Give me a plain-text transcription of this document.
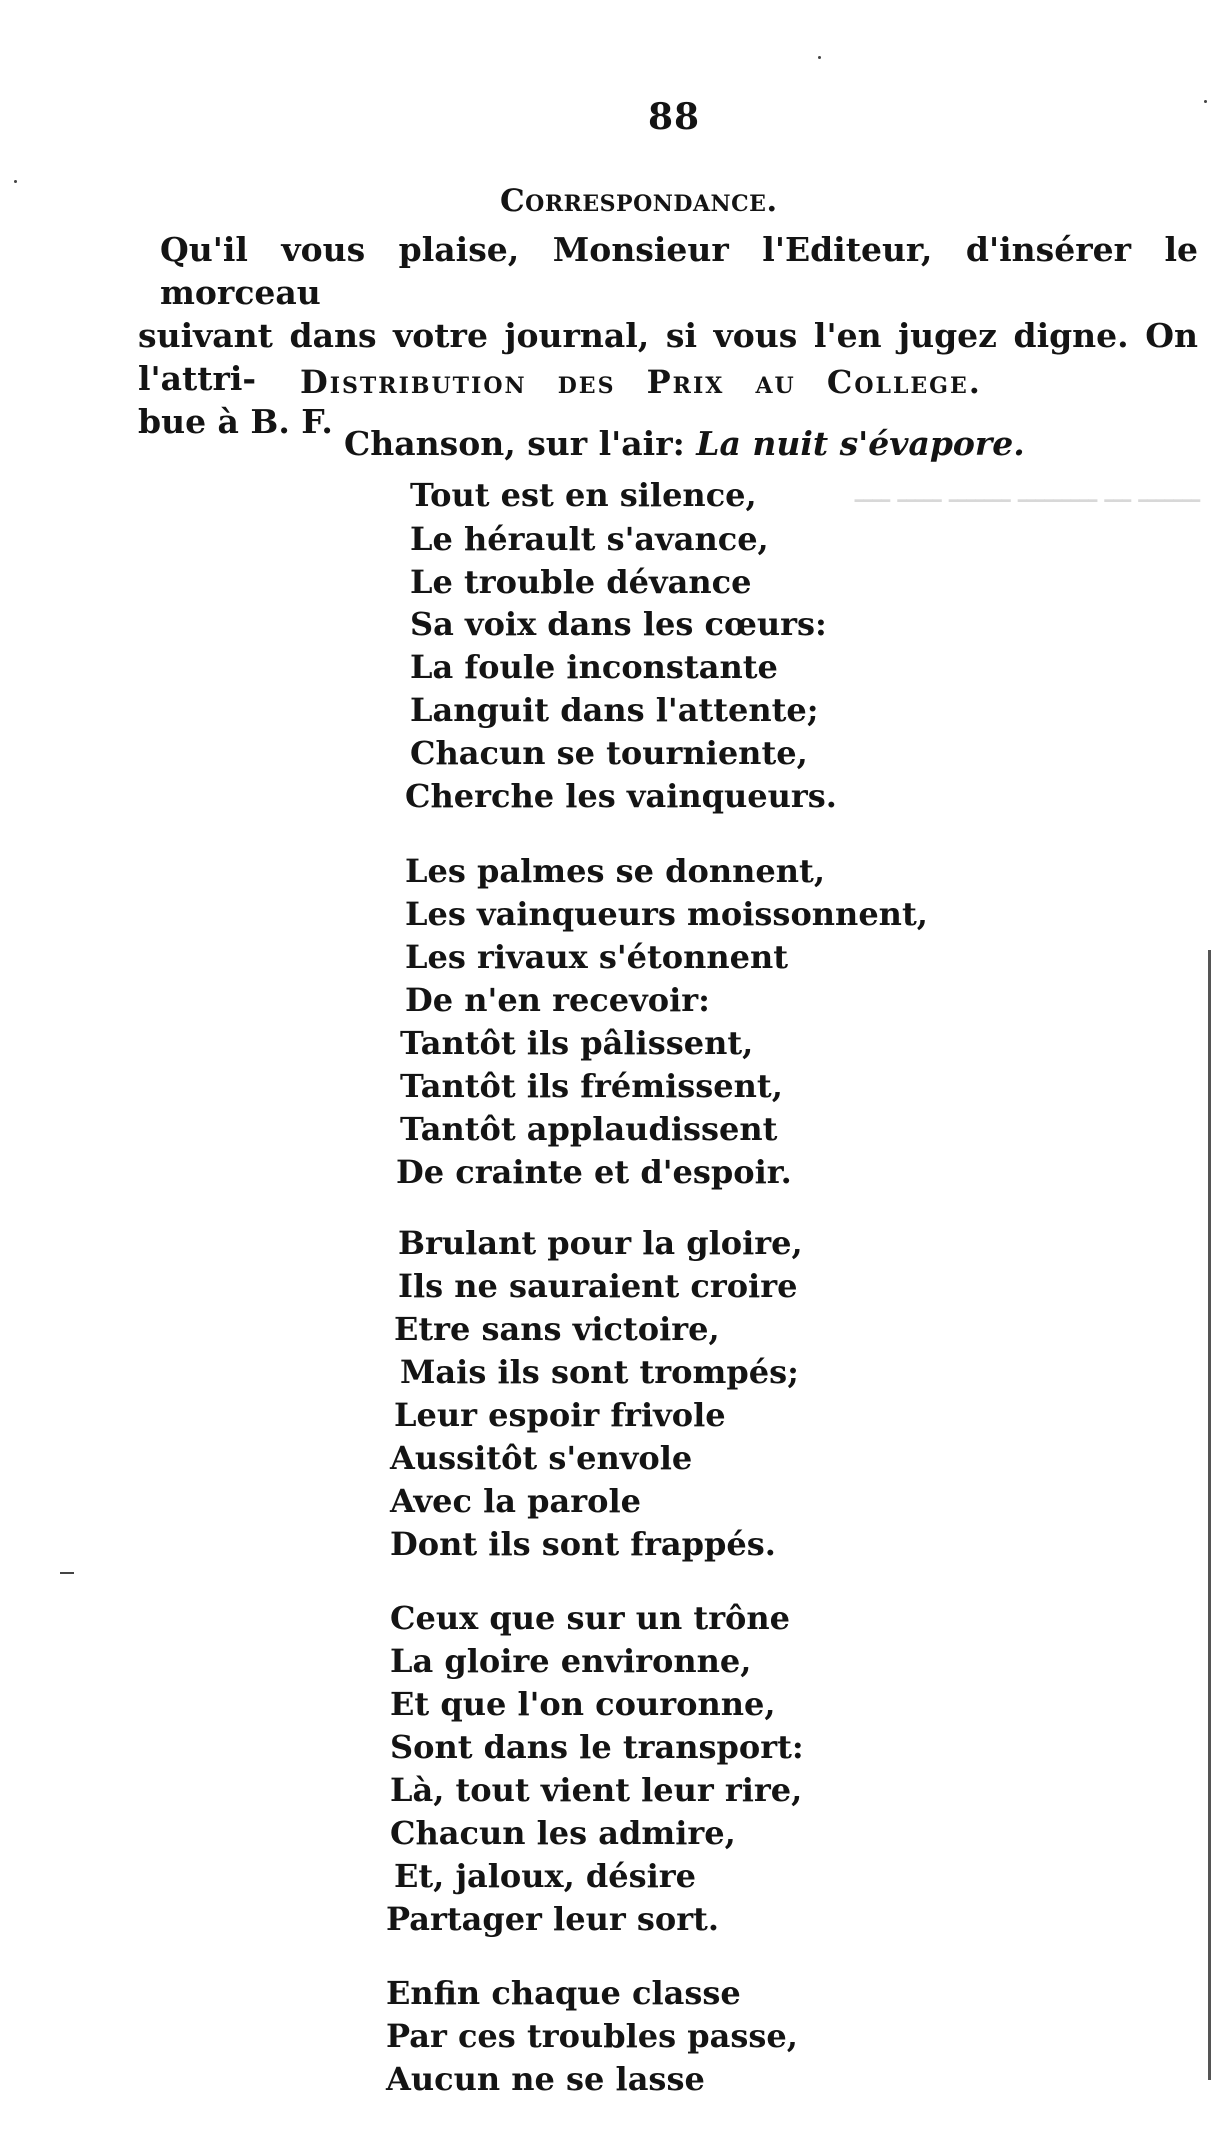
ــــ ـــــ ـــــــ ـــــــــ ـــ ـــــــ
88
Correspondance.
Qu'il vous plaise, Monsieur l'Editeur, d'insérer le morceau
suivant dans votre journal, si vous l'en jugez digne. On l'attri-
bue à B. F.
Distribution des Prix au College.
Chanson, sur l'air: La nuit s'évapore.
Tout est en silence,
Le hérault s'avance,
Le trouble dévance
Sa voix dans les cœurs:
La foule inconstante
Languit dans l'attente;
Chacun se tourniente,
Cherche les vainqueurs.
Les palmes se donnent,
Les vainqueurs moissonnent,
Les rivaux s'étonnent
De n'en recevoir:
Tantôt ils pâlissent,
Tantôt ils frémissent,
Tantôt applaudissent
De crainte et d'espoir.
Brulant pour la gloire,
Ils ne sauraient croire
Etre sans victoire,
Mais ils sont trompés;
Leur espoir frivole
Aussitôt s'envole
Avec la parole
Dont ils sont frappés.
Ceux que sur un trône
La gloire environne,
Et que l'on couronne,
Sont dans le transport:
Là, tout vient leur rire,
Chacun les admire,
Et, jaloux, désire
Partager leur sort.
Enfin chaque classe
Par ces troubles passe,
Aucun ne se lasse
